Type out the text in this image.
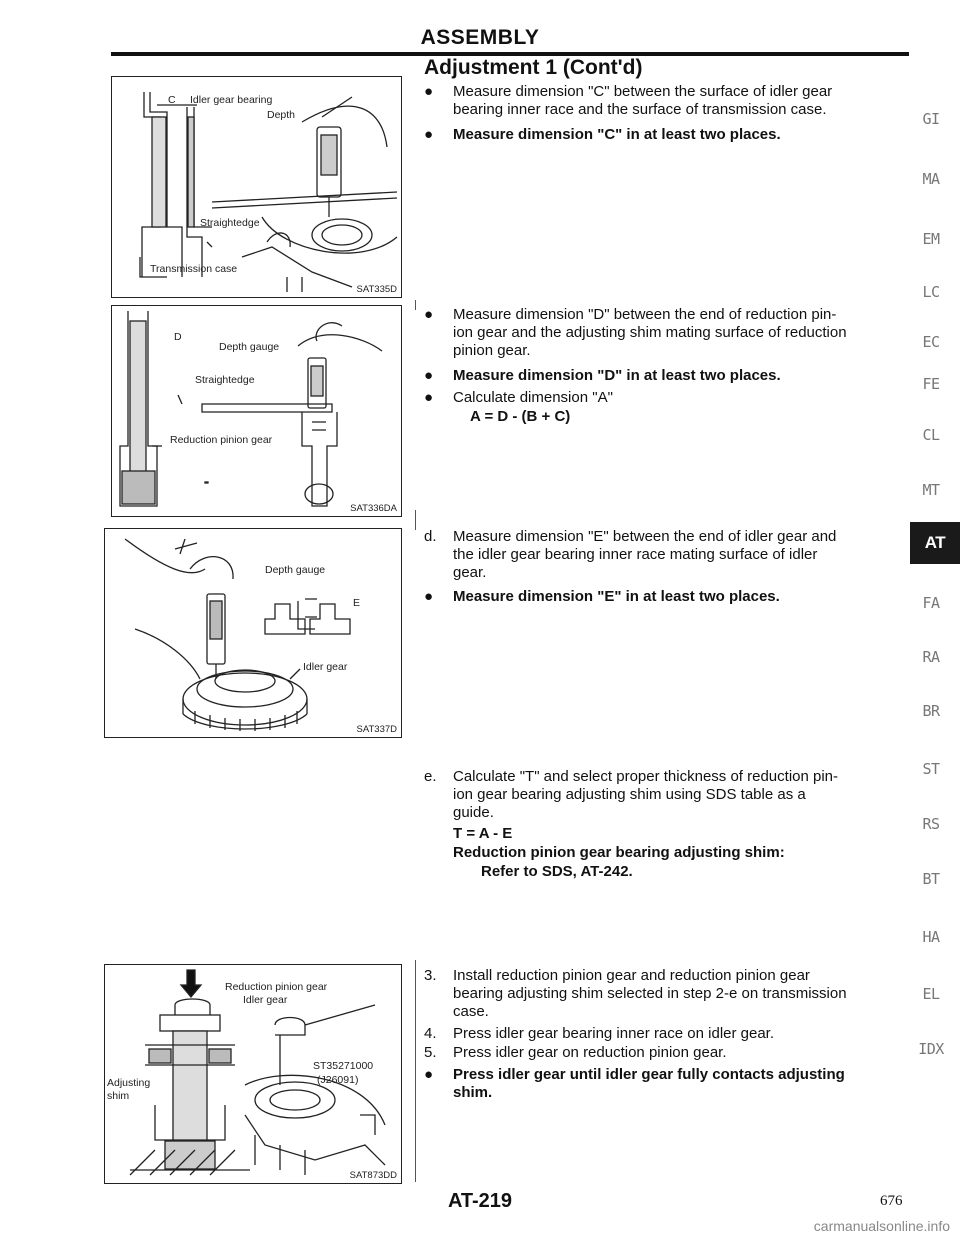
ASSEMBLY
Adjustment 1 (Cont'd)
C Idler gear bearing
Depth
Straightedge
Transmission case
SAT335D
D
Depth gauge
Straightedge
Reduction pinion gear
SAT336DA
Depth gauge
E
Idler gear
SAT337D
Reduction pinion gear
Idler gear
ST35271000
(J26091)
Adjusting
shim
SAT873DD
●	Measure dimension "C" between the surface of idler gear
bearing inner race and the surface of transmission case.
●	Measure dimension "C" in at least two places.
●	Measure dimension "D" between the end of reduction pin-
ion gear and the adjusting shim mating surface of reduction
pinion gear.
●	Measure dimension "D" in at least two places.
●	Calculate dimension "A"
A = D - (B + C)
d. Measure dimension "E" between the end of idler gear and
the idler gear bearing inner race mating surface of idler
gear.
●	Measure dimension "E" in at least two places.
e. Calculate "T" and select proper thickness of reduction pin-
ion gear bearing adjusting shim using SDS table as a
guide.
T = A - E
Reduction pinion gear bearing adjusting shim:
Refer to SDS, AT-242.
3. Install reduction pinion gear and reduction pinion gear
bearing adjusting shim selected in step 2-e on transmission
case.
4. Press idler gear bearing inner race on idler gear.
5. Press idler gear on reduction pinion gear.
●	Press idler gear until idler gear fully contacts adjusting
shim.
GI
MA
EM
LC
EC
FE
CL
MT
AT
FA
RA
BR
ST
RS
BT
HA
EL
IDX
AT-219	676
carmanualsonline.info
